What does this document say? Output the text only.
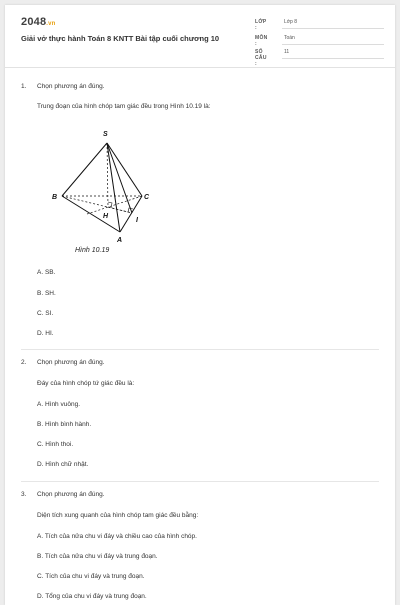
2048.vn
Giải vở thực hành Toán 8 KNTT Bài tập cuối chương 10
LỚP :
Lớp 8
MÔN :
Toán
SỐ CÂU :
11
1. Chọn phương án đúng.
Trung đoạn của hình chóp tam giác đều trong Hình 10.19 là:
S
B	C
H
I
A
Hình 10.19
A. SB.
B. SH.
C. SI.
D. HI.
2. Chọn phương án đúng.
Đáy của hình chóp tứ giác đều là:
A. Hình vuông.
B. Hình bình hành.
C. Hình thoi.
D. Hình chữ nhật.
3. Chọn phương án đúng.
Diện tích xung quanh của hình chóp tam giác đều bằng:
A. Tích của nửa chu vi đáy và chiều cao của hình chóp.
B. Tích của nửa chu vi đáy và trung đoạn.
C. Tích của chu vi đáy và trung đoạn.
D. Tổng của chu vi đáy và trung đoạn.
